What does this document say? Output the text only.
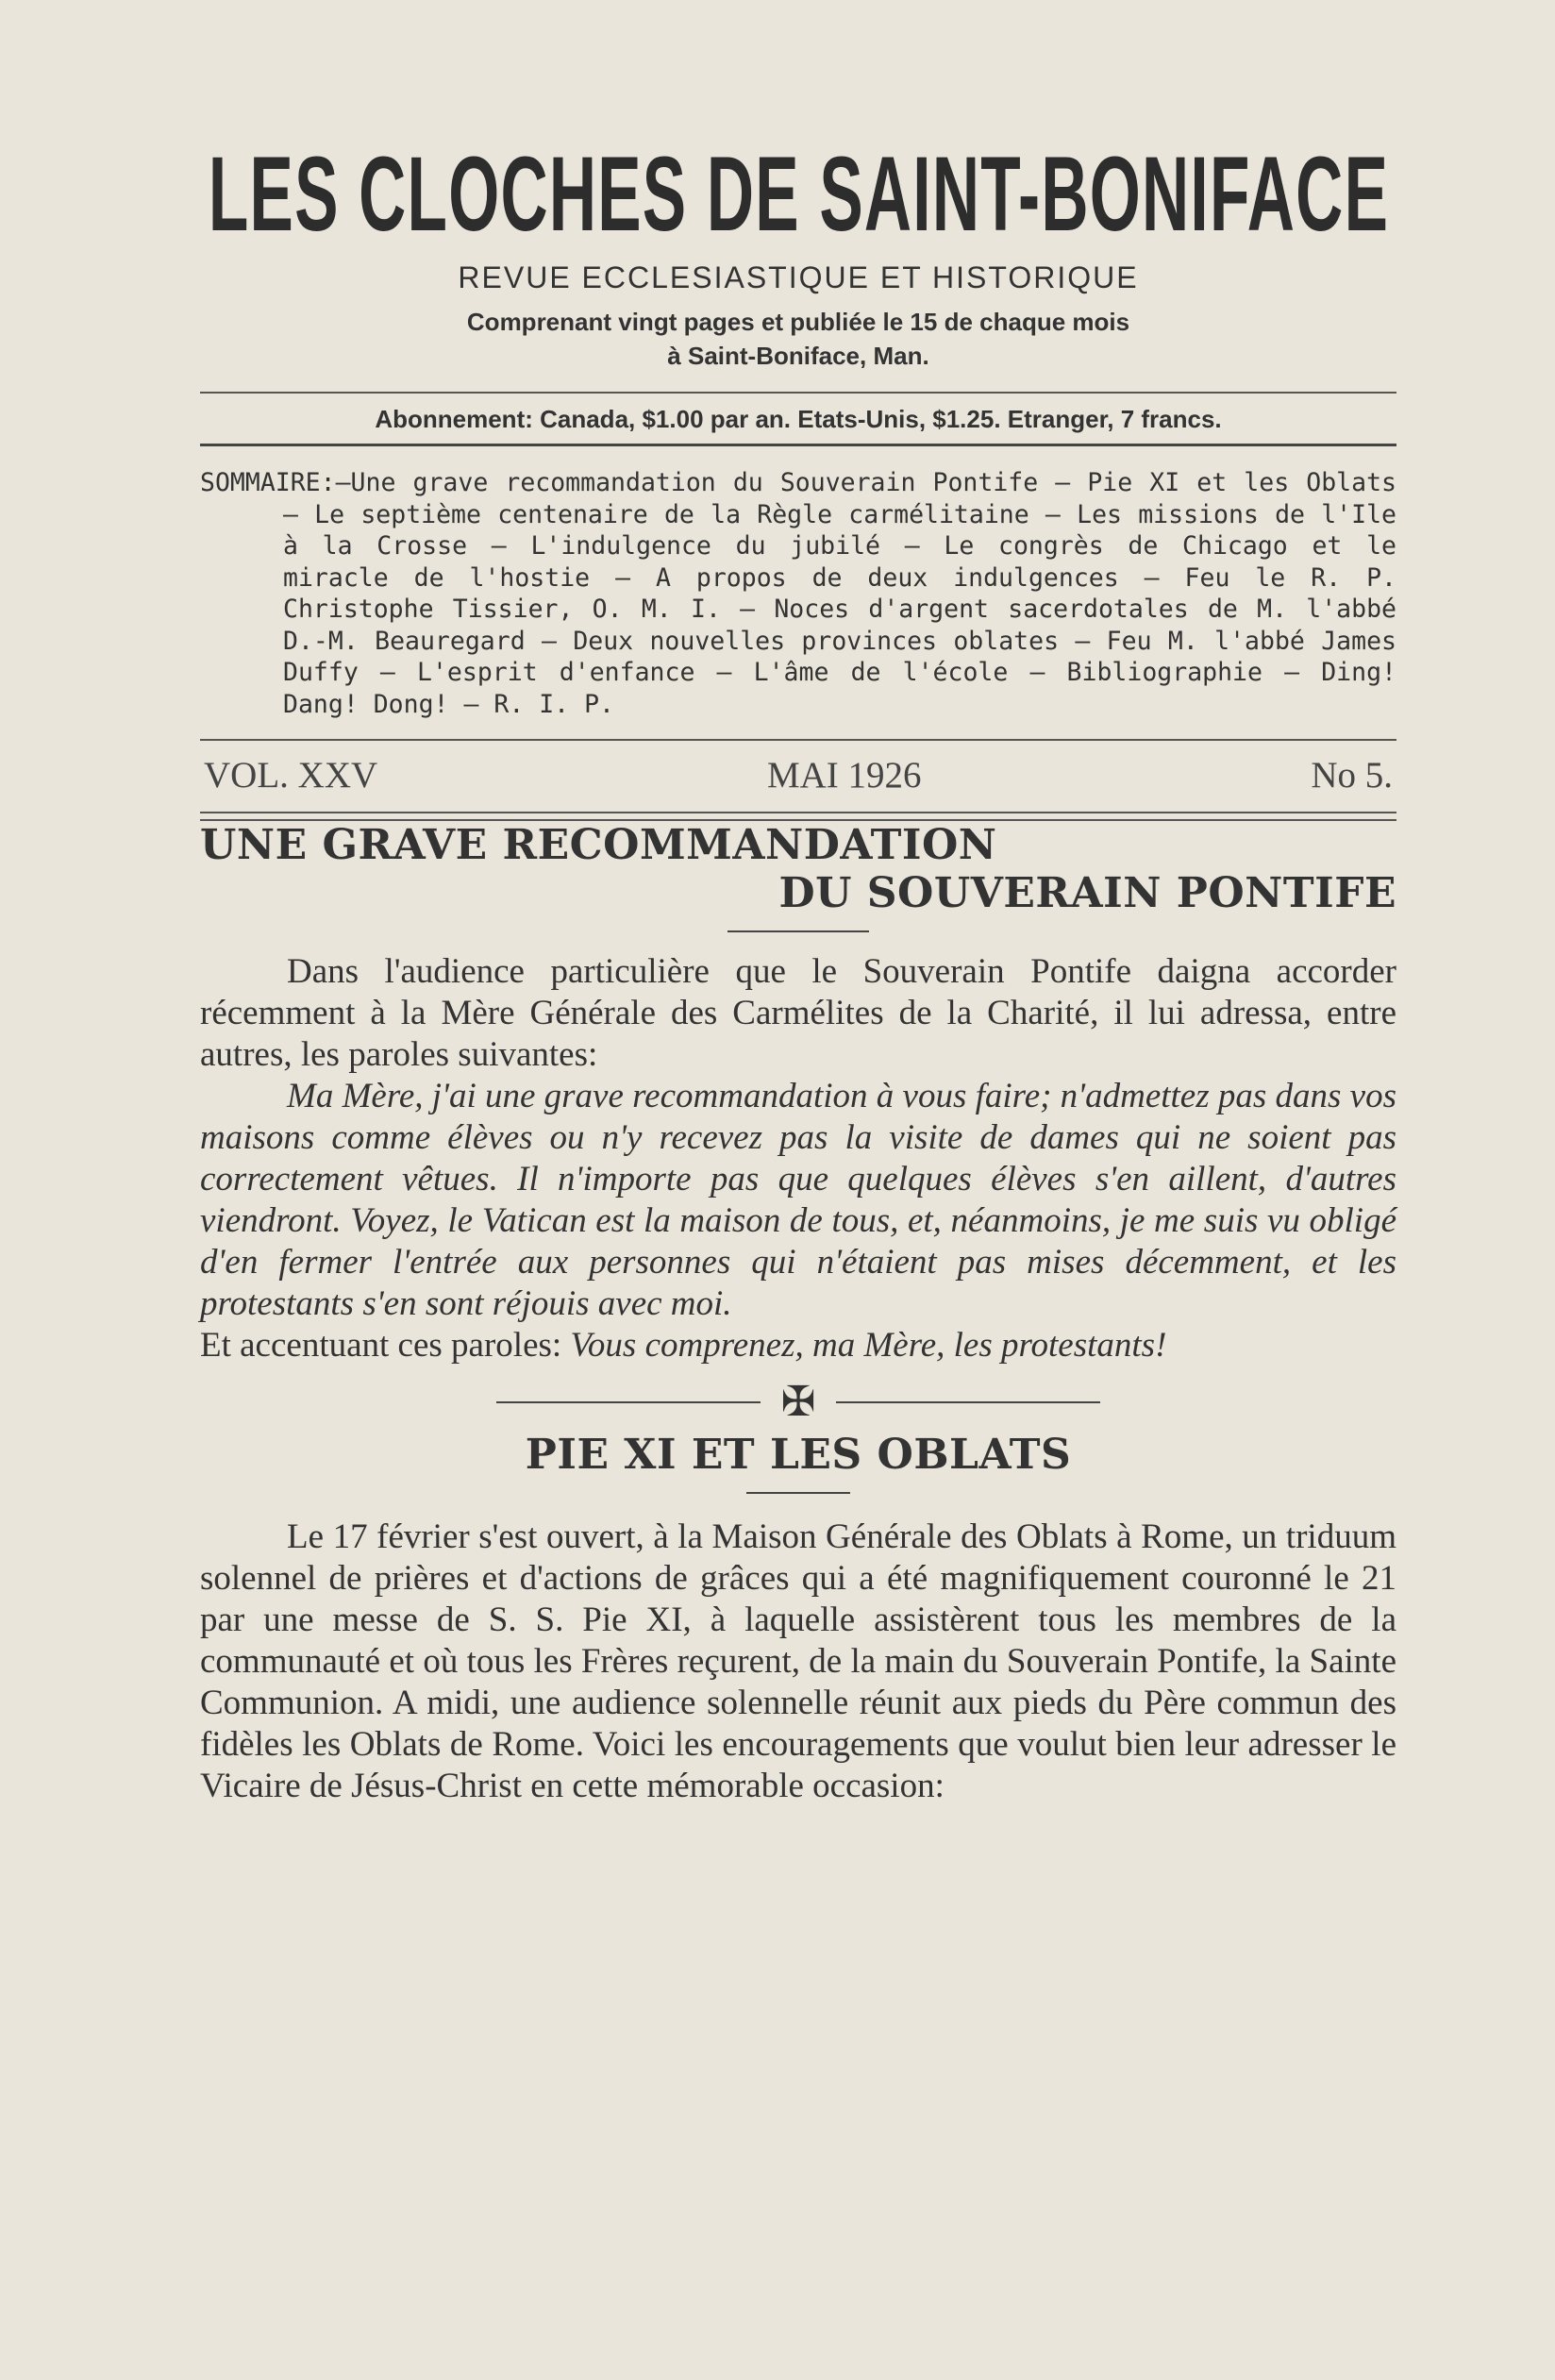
LES CLOCHES DE SAINT-BONIFACE
REVUE ECCLESIASTIQUE ET HISTORIQUE
Comprenant vingt pages et publiée le 15 de chaque mois
à Saint-Boniface, Man.
Abonnement: Canada, $1.00 par an. Etats-Unis, $1.25. Etranger, 7 francs.
SOMMAIRE:—Une grave recommandation du Souverain Pontife — Pie XI et les Oblats — Le septième centenaire de la Règle carmélitaine — Les missions de l'Ile à la Crosse — L'indulgence du jubilé — Le congrès de Chicago et le miracle de l'hostie — A propos de deux indulgences — Feu le R. P. Christophe Tissier, O. M. I. — Noces d'argent sacerdotales de M. l'abbé D.-M. Beauregard — Deux nouvelles provinces oblates — Feu M. l'abbé James Duffy — L'esprit d'enfance — L'âme de l'école — Bibliographie — Ding! Dang! Dong! — R. I. P.
VOL. XXV	MAI 1926	No 5.
UNE GRAVE RECOMMANDATION
DU SOUVERAIN PONTIFE

Dans l'audience particulière que le Souverain Pontife daigna accorder récemment à la Mère Générale des Carmélites de la Charité, il lui adressa, entre autres, les paroles suivantes:

Ma Mère, j'ai une grave recommandation à vous faire; n'admettez pas dans vos maisons comme élèves ou n'y recevez pas la visite de dames qui ne soient pas correctement vêtues. Il n'importe pas que quelques élèves s'en aillent, d'autres viendront. Voyez, le Vatican est la maison de tous, et, néanmoins, je me suis vu obligé d'en fermer l'entrée aux personnes qui n'étaient pas mises décemment, et les protestants s'en sont réjouis avec moi.

Et accentuant ces paroles: Vous comprenez, ma Mère, les protestants!

✠
PIE XI ET LES OBLATS

Le 17 février s'est ouvert, à la Maison Générale des Oblats à Rome, un triduum solennel de prières et d'actions de grâces qui a été magnifiquement couronné le 21 par une messe de S. S. Pie XI, à laquelle assistèrent tous les membres de la communauté et où tous les Frères reçurent, de la main du Souverain Pontife, la Sainte Communion. A midi, une audience solennelle réunit aux pieds du Père commun des fidèles les Oblats de Rome. Voici les encouragements que voulut bien leur adresser le Vicaire de Jésus-Christ en cette mémorable occasion:
